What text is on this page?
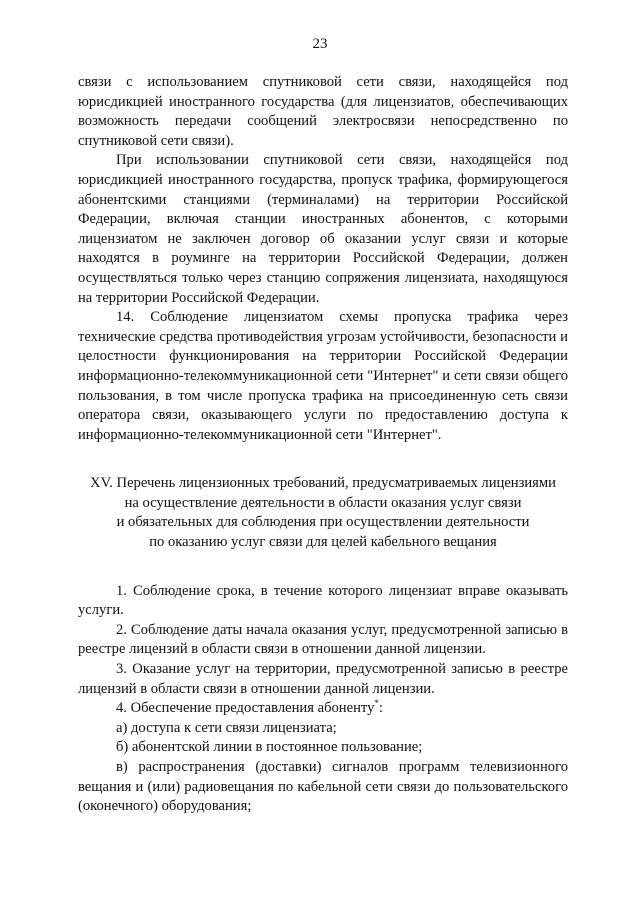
23

связи с использованием спутниковой сети связи, находящейся под юрисдикцией иностранного государства (для лицензиатов, обеспечивающих возможность передачи сообщений электросвязи непосредственно по спутниковой сети связи).

При использовании спутниковой сети связи, находящейся под юрисдикцией иностранного государства, пропуск трафика, формирующегося абонентскими станциями (терминалами) на территории Российской Федерации, включая станции иностранных абонентов, с которыми лицензиатом не заключен договор об оказании услуг связи и которые находятся в роуминге на территории Российской Федерации, должен осуществляться только через станцию сопряжения лицензиата, находящуюся на территории Российской Федерации.

14. Соблюдение лицензиатом схемы пропуска трафика через технические средства противодействия угрозам устойчивости, безопасности и целостности функционирования на территории Российской Федерации информационно-телекоммуникационной сети "Интернет" и сети связи общего пользования, в том числе пропуска трафика на присоединенную сеть связи оператора связи, оказывающего услуги по предоставлению доступа к информационно-телекоммуникационной сети "Интернет".

XV. Перечень лицензионных требований, предусматриваемых лицензиями
на осуществление деятельности в области оказания услуг связи
и обязательных для соблюдения при осуществлении деятельности
по оказанию услуг связи для целей кабельного вещания

1. Соблюдение срока, в течение которого лицензиат вправе оказывать услуги.

2. Соблюдение даты начала оказания услуг, предусмотренной записью в реестре лицензий в области связи в отношении данной лицензии.

3. Оказание услуг на территории, предусмотренной записью в реестре лицензий в области связи в отношении данной лицензии.

4. Обеспечение предоставления абоненту*:

а) доступа к сети связи лицензиата;

б) абонентской линии в постоянное пользование;

в) распространения (доставки) сигналов программ телевизионного вещания и (или) радиовещания по кабельной сети связи до пользовательского (оконечного) оборудования;
